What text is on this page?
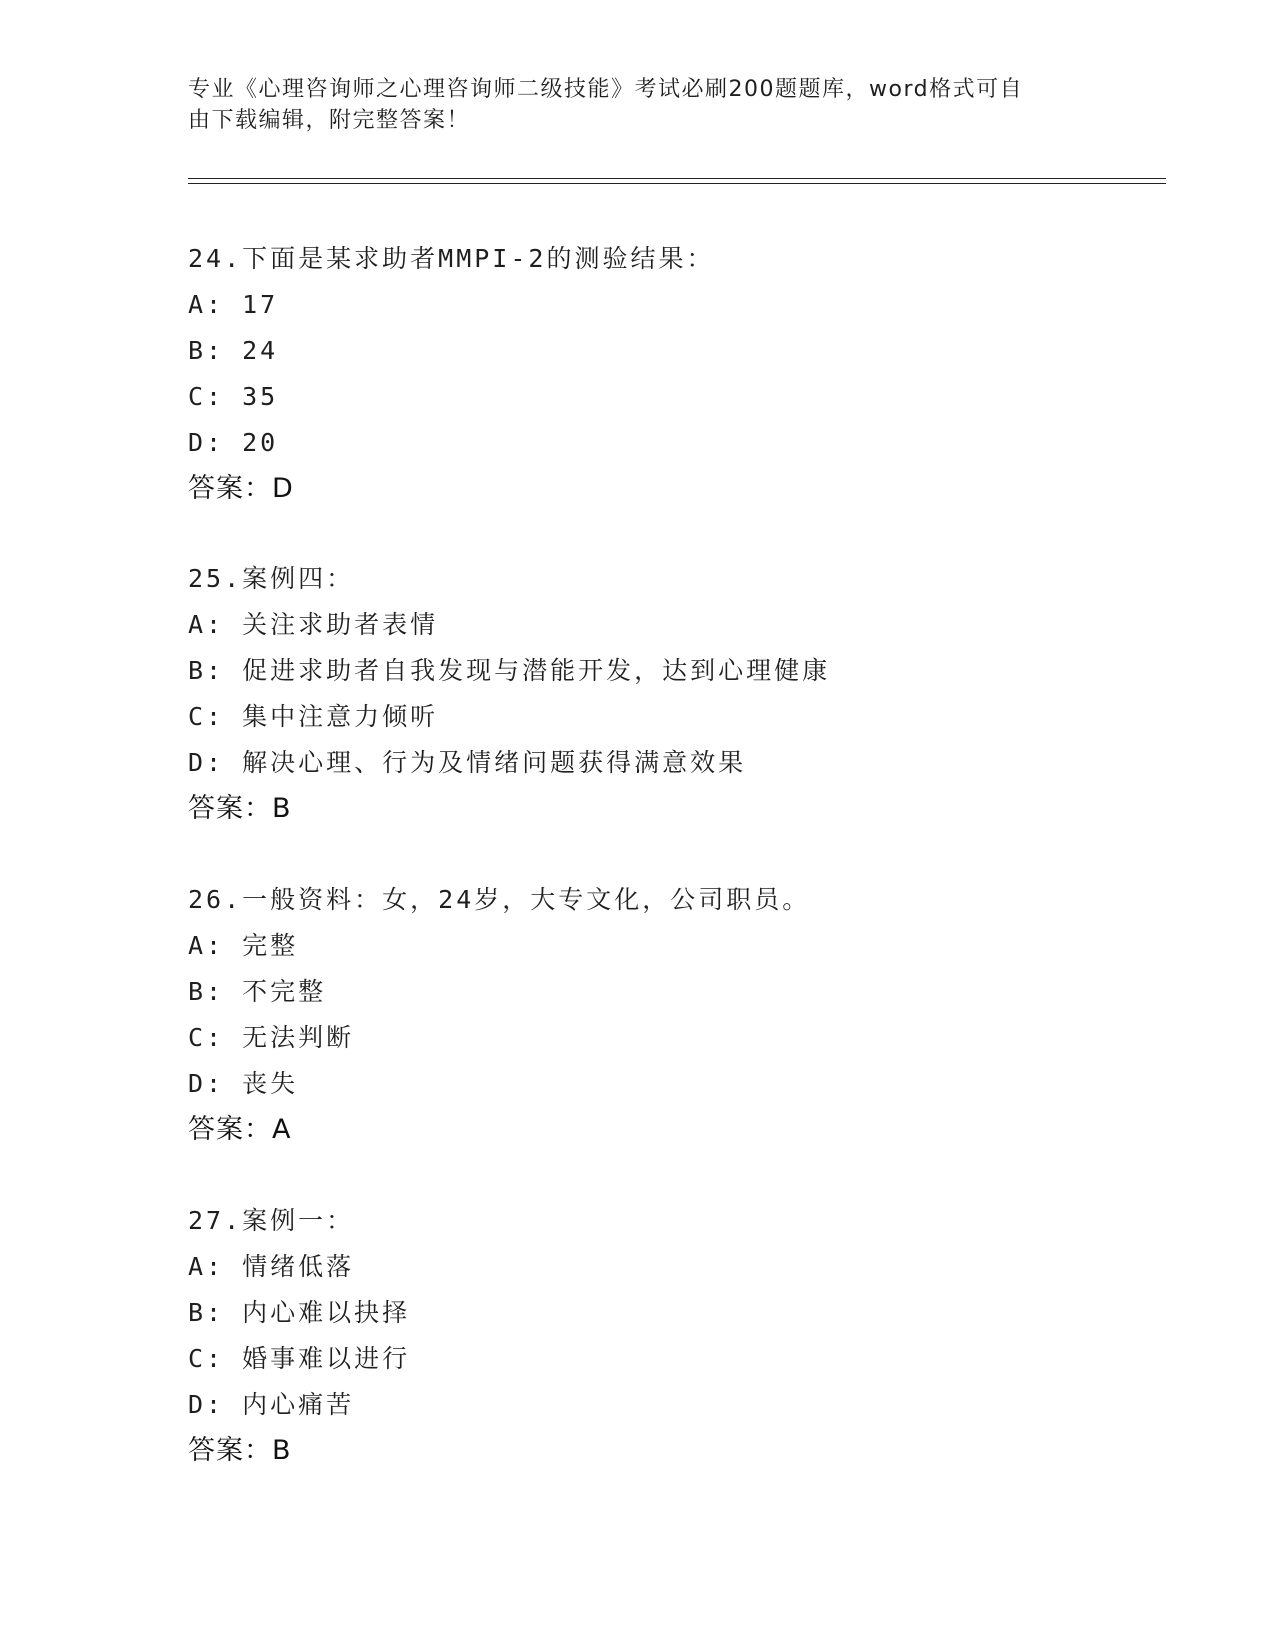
专业《心理咨询师之心理咨询师二级技能》考试必刷200题题库，word格式可自
由下载编辑，附完整答案！
24.下面是某求助者MMPI-2的测验结果：
A: 17
B: 24
C: 35
D: 20
答案：D
25.案例四：
A: 关注求助者表情
B: 促进求助者自我发现与潜能开发，达到心理健康
C: 集中注意力倾听
D: 解决心理、行为及情绪问题获得满意效果
答案：B
26.一般资料：女，24岁，大专文化，公司职员。
A: 完整
B: 不完整
C: 无法判断
D: 丧失
答案：A
27.案例一：
A: 情绪低落
B: 内心难以抉择
C: 婚事难以进行
D: 内心痛苦
答案：B
